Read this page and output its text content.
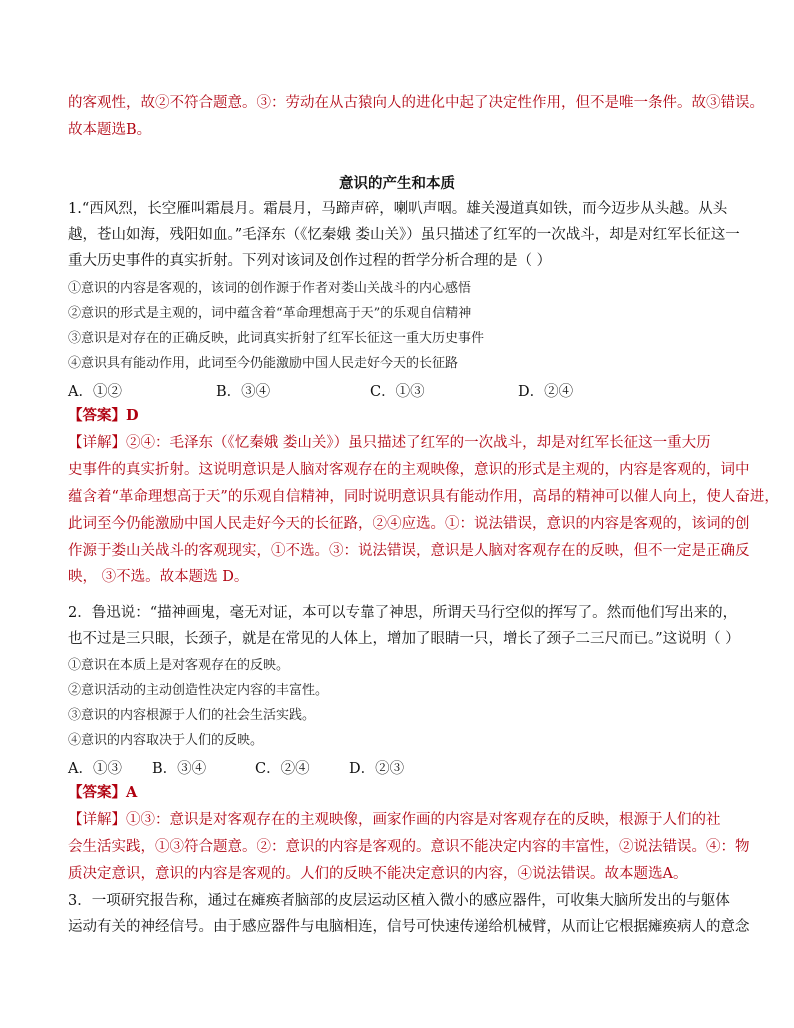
的客观性，故②不符合题意。③：劳动在从古猿向人的进化中起了决定性作用，但不是唯一条件。故③错误。
故本题选B。
意识的产生和本质
1.“西风烈，长空雁叫霜晨月。霜晨月，马蹄声碎，喇叭声咽。雄关漫道真如铁，而今迈步从头越。从头
越，苍山如海，残阳如血。”毛泽东（《忆秦娥 娄山关》）虽只描述了红军的一次战斗，却是对红军长征这一
重大历史事件的真实折射。下列对该词及创作过程的哲学分析合理的是（ ）
①意识的内容是客观的，该词的创作源于作者对娄山关战斗的内心感悟
②意识的形式是主观的，词中蕴含着“革命理想高于天”的乐观自信精神
③意识是对存在的正确反映，此词真实折射了红军长征这一重大历史事件
④意识具有能动作用，此词至今仍能激励中国人民走好今天的长征路
A．①②	B．③④	C．①③	D．②④
【答案】D
【详解】②④：毛泽东（《忆秦娥 娄山关》）虽只描述了红军的一次战斗，却是对红军长征这一重大历
史事件的真实折射。这说明意识是人脑对客观存在的主观映像，意识的形式是主观的，内容是客观的，词中
蕴含着“革命理想高于天”的乐观自信精神，同时说明意识具有能动作用，高昂的精神可以催人向上，使人奋进，
此词至今仍能激励中国人民走好今天的长征路，②④应选。①：说法错误，意识的内容是客观的，该词的创
作源于娄山关战斗的客观现实，①不选。③：说法错误，意识是人脑对客观存在的反映，但不一定是正确反
映， ③不选。故本题选 D。
2．鲁迅说：“描神画鬼，毫无对证，本可以专靠了神思，所谓天马行空似的挥写了。然而他们写出来的，
也不过是三只眼，长颈子，就是在常见的人体上，增加了眼睛一只，增长了颈子二三尺而已。”这说明（ ）
①意识在本质上是对客观存在的反映。
②意识活动的主动创造性决定内容的丰富性。
③意识的内容根源于人们的社会生活实践。
④意识的内容取决于人们的反映。
A．①③ B．③④	C．②④	D．②③
【答案】A
【详解】①③：意识是对客观存在的主观映像，画家作画的内容是对客观存在的反映，根源于人们的社
会生活实践，①③符合题意。②：意识的内容是客观的。意识不能决定内容的丰富性，②说法错误。④：物
质决定意识，意识的内容是客观的。人们的反映不能决定意识的内容，④说法错误。故本题选A。
3．一项研究报告称，通过在瘫痪者脑部的皮层运动区植入微小的感应器件，可收集大脑所发出的与躯体
运动有关的神经信号。由于感应器件与电脑相连，信号可快速传递给机械臂，从而让它根据瘫痪病人的意念
